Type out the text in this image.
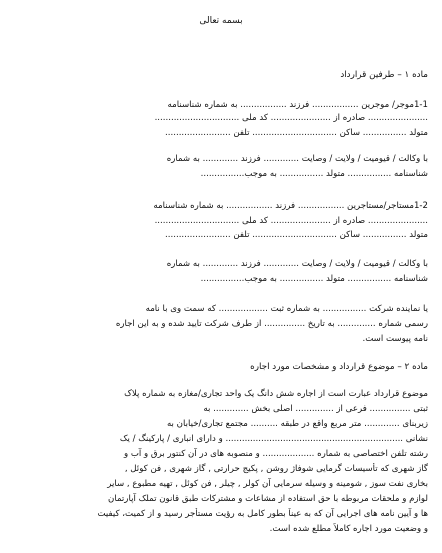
بسمه تعالی
ماده ۱ – طرفین قرارداد
1-1موجر/ موجرین ................. فرزند ................. به شماره شناسنامه
...................... صادره از ...................... کد ملی ...............................
متولد ................ ساکن ............................... تلفن ........................
با وکالت / قیومیت / ولایت / وصایت ............. فرزند ............. به شماره
شناسنامه ................ متولد ................ به موجب................
1-2مستاجر/مستاجرین ................. فرزند ................. به شماره شناسنامه
...................... صادره از ...................... کد ملی ...............................
متولد ................ ساکن ............................... تلفن ........................
با وکالت / قیومیت / ولایت / وصایت ............. فرزند ............. به شماره
شناسنامه ................ متولد ................ به موجب................
یا نماینده شرکت ................ به شماره ثبت .................. که سمت وی با نامه
رسمی شماره .............. به تاریخ ............... از طرف شرکت تایید شده و به این اجاره
نامه پیوست است.
ماده ۲ – موضوع قرارداد و مشخصات مورد اجاره
موضوع قرارداد عبارت است از اجاره شش دانگ یک واحد تجاری/مغازه به شماره پلاک
ثبتی ............... فرعی از .............. اصلی بخش ............. به
زیربنای ............. متر مربع واقع در طبقه .......... مجتمع تجاری/خیابان به
نشانی ................................................................. و دارای انباری / پارکینگ / یک
رشته تلفن اختصاصی به شماره ................... و منصوبه های در آن کنتور برق و آب و
گاز شهری که تأسیسات گرمایی شوفاژ روشن , پکیج حرارتی , گاز شهری , فن کوئل ,
بخاری نفت سوز , شومینه و وسیله سرمایی آن کولر , چیلر , فن کوئل , تهیه مطبوع , سایر
لوازم و ملحقات مربوطه با حق استفاده از مشاعات و مشترکات طبق قانون تملک آپارتمان
ها و آیین نامه های اجرایی آن که به عیناً بطور کامل به رؤیت مستأجر رسید و از کمیت، کیفیت
و وضعیت مورد اجاره کاملاً مطلع شده است.
